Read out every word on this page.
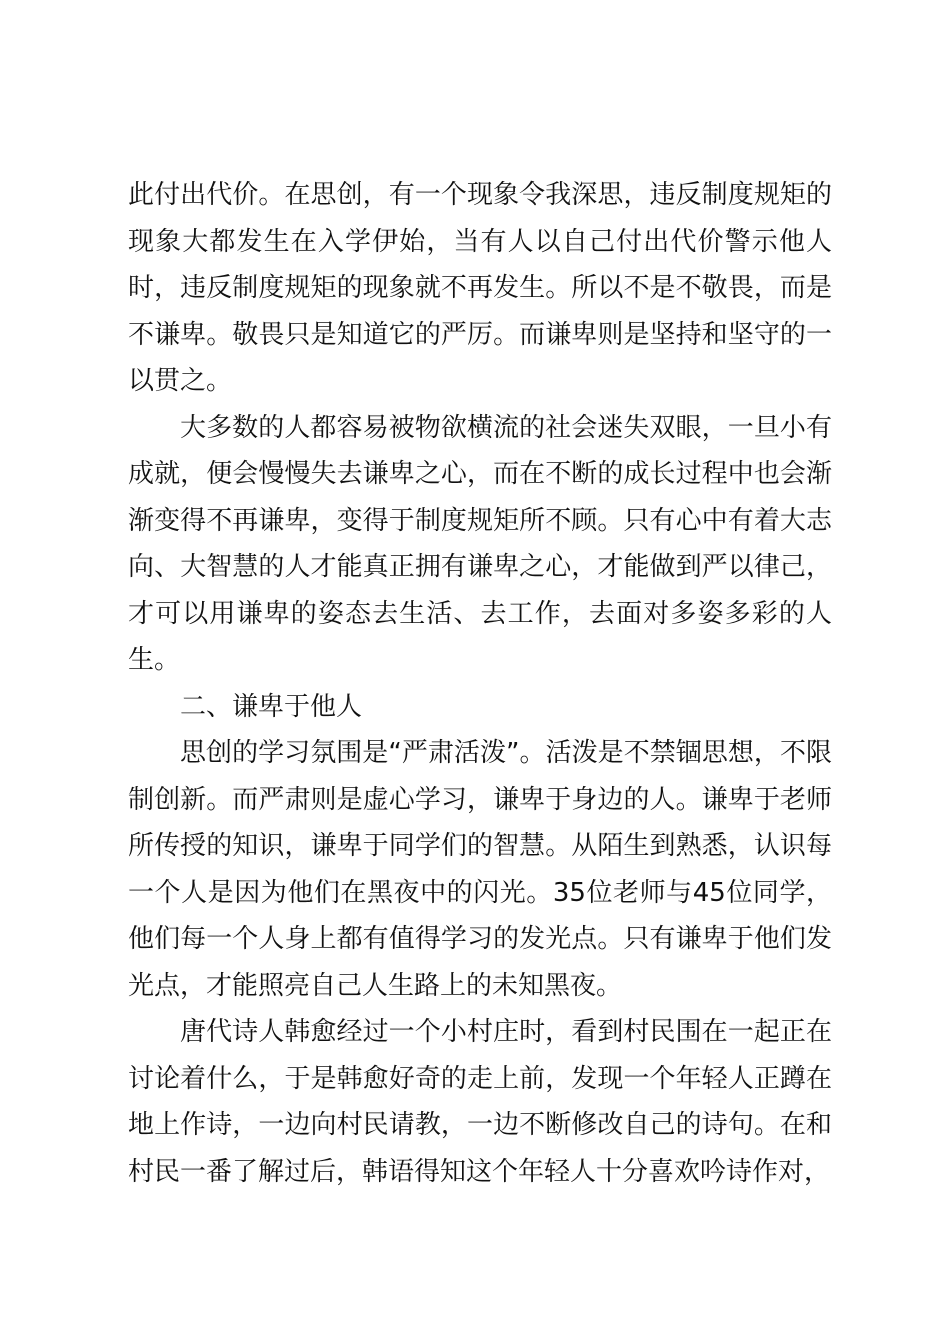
此付出代价。在思创，有一个现象令我深思，违反制度规矩的现象大都发生在入学伊始，当有人以自己付出代价警示他人时，违反制度规矩的现象就不再发生。所以不是不敬畏，而是不谦卑。敬畏只是知道它的严厉。而谦卑则是坚持和坚守的一以贯之。

大多数的人都容易被物欲横流的社会迷失双眼，一旦小有成就，便会慢慢失去谦卑之心，而在不断的成长过程中也会渐渐变得不再谦卑，变得于制度规矩所不顾。只有心中有着大志向、大智慧的人才能真正拥有谦卑之心，才能做到严以律己，才可以用谦卑的姿态去生活、去工作，去面对多姿多彩的人生。

二、谦卑于他人

思创的学习氛围是“严肃活泼”。活泼是不禁锢思想，不限制创新。而严肃则是虚心学习，谦卑于身边的人。谦卑于老师所传授的知识，谦卑于同学们的智慧。从陌生到熟悉，认识每一个人是因为他们在黑夜中的闪光。35位老师与45位同学，他们每一个人身上都有值得学习的发光点。只有谦卑于他们发光点，才能照亮自己人生路上的未知黑夜。

唐代诗人韩愈经过一个小村庄时，看到村民围在一起正在讨论着什么，于是韩愈好奇的走上前，发现一个年轻人正蹲在地上作诗，一边向村民请教，一边不断修改自己的诗句。在和村民一番了解过后，韩语得知这个年轻人十分喜欢吟诗作对，
